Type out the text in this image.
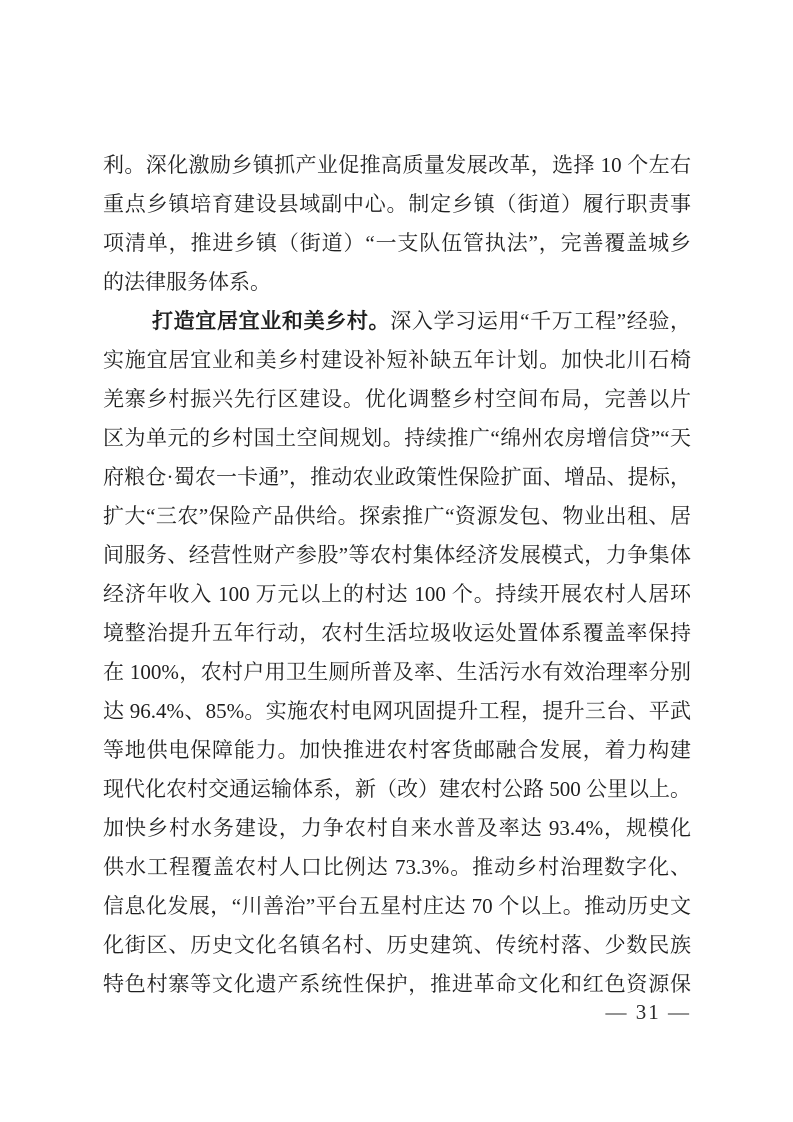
利。深化激励乡镇抓产业促推高质量发展改革，选择 10 个左右
重点乡镇培育建设县域副中心。制定乡镇（街道）履行职责事
项清单，推进乡镇（街道）“一支队伍管执法”，完善覆盖城乡
的法律服务体系。
打造宜居宜业和美乡村。深入学习运用“千万工程”经验，
实施宜居宜业和美乡村建设补短补缺五年计划。加快北川石椅
羌寨乡村振兴先行区建设。优化调整乡村空间布局，完善以片
区为单元的乡村国土空间规划。持续推广“绵州农房增信贷”“天
府粮仓·蜀农一卡通”，推动农业政策性保险扩面、增品、提标，
扩大“三农”保险产品供给。探索推广“资源发包、物业出租、居
间服务、经营性财产参股”等农村集体经济发展模式，力争集体
经济年收入 100 万元以上的村达 100 个。持续开展农村人居环
境整治提升五年行动，农村生活垃圾收运处置体系覆盖率保持
在 100%，农村户用卫生厕所普及率、生活污水有效治理率分别
达 96.4%、85%。实施农村电网巩固提升工程，提升三台、平武
等地供电保障能力。加快推进农村客货邮融合发展，着力构建
现代化农村交通运输体系，新（改）建农村公路 500 公里以上。
加快乡村水务建设，力争农村自来水普及率达 93.4%，规模化
供水工程覆盖农村人口比例达 73.3%。推动乡村治理数字化、
信息化发展，“川善治”平台五星村庄达 70 个以上。推动历史文
化街区、历史文化名镇名村、历史建筑、传统村落、少数民族
特色村寨等文化遗产系统性保护，推进革命文化和红色资源保
— 31 —
